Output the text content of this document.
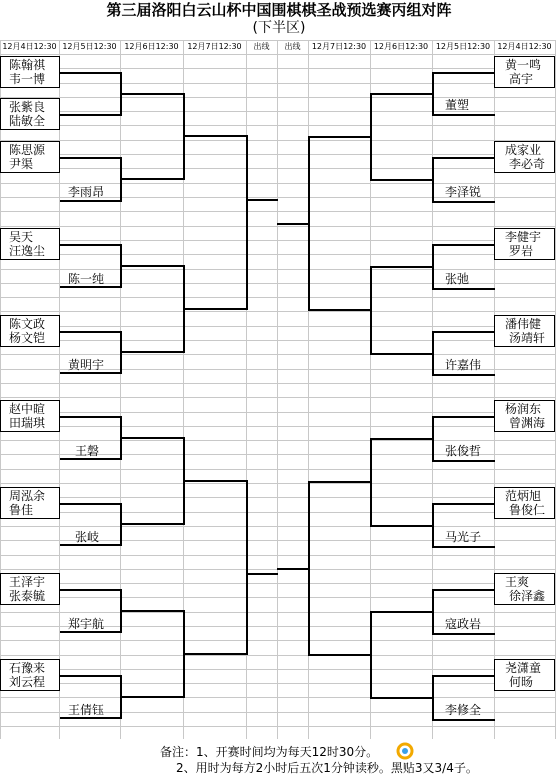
第三届洛阳白云山杯中国围棋棋圣战预选赛丙组对阵
(下半区)
12月4日12:30 12月5日12:30 12月6日12:30	12月7日12:30	出线	出线	12月7日12:30 12月6日12:30 12月5日12:30 12月4日12:30
陈翰祺
韦一博
张紫良
陆敏全
陈思源
尹渠
吴天
汪逸尘
陈文政
杨文铠
赵中暄
田瑞琪
周泓余
鲁佳
王泽宇
张泰毓
石豫来
刘云程
李雨昂
陈一纯
黄明宇
王磐
张岐
郑宇航
王倩钰
黄一鸣
高宇
成家业
李必奇
李健宇
罗岩
潘伟健
汤靖轩
杨润东
曾渊海
范炳旭
鲁俊仁
王爽
徐泽鑫
尧潇童
何旸
董塑
李泽锐
张弛
许嘉伟
张俊哲
马光子
寇政岩
李修全
备注：1、开赛时间均为每天12时30分。
2、用时为每方2小时后五次1分钟读秒。黑贴3又3/4子。
